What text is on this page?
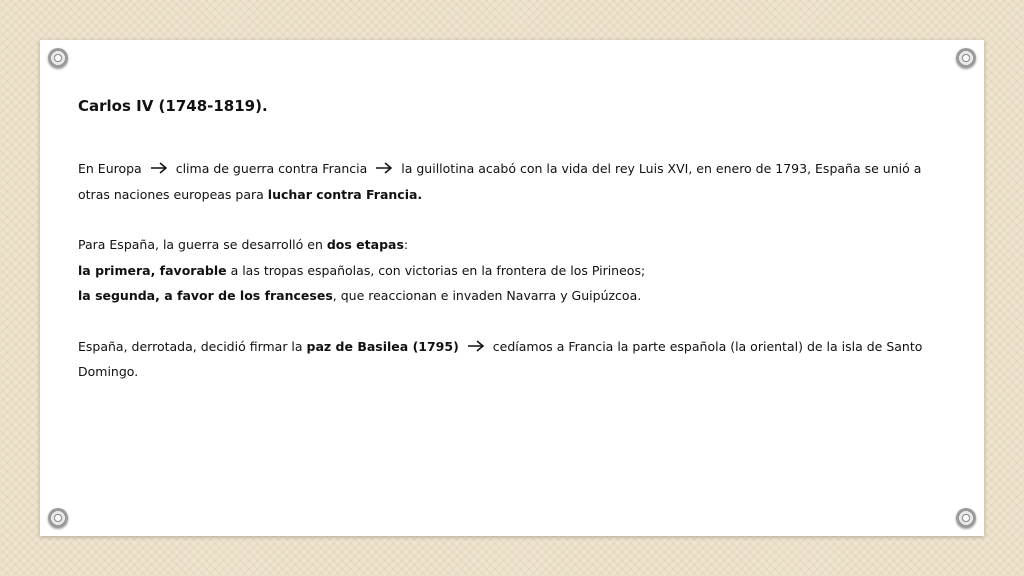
Carlos IV (1748-1819).

En Europa	clima de guerra contra Francia	la guillotina acabó con la vida del rey Luis XVI, en enero de 1793, España se unió a otras naciones europeas para luchar contra Francia.

Para España, la guerra se desarrolló en dos etapas:

la primera, favorable a las tropas españolas, con victorias en la frontera de los Pirineos;

la segunda, a favor de los franceses, que reaccionan e invaden Navarra y Guipúzcoa.

España, derrotada, decidió firmar la paz de Basilea (1795)	cedíamos a Francia la parte española (la oriental) de la isla de Santo Domingo.
